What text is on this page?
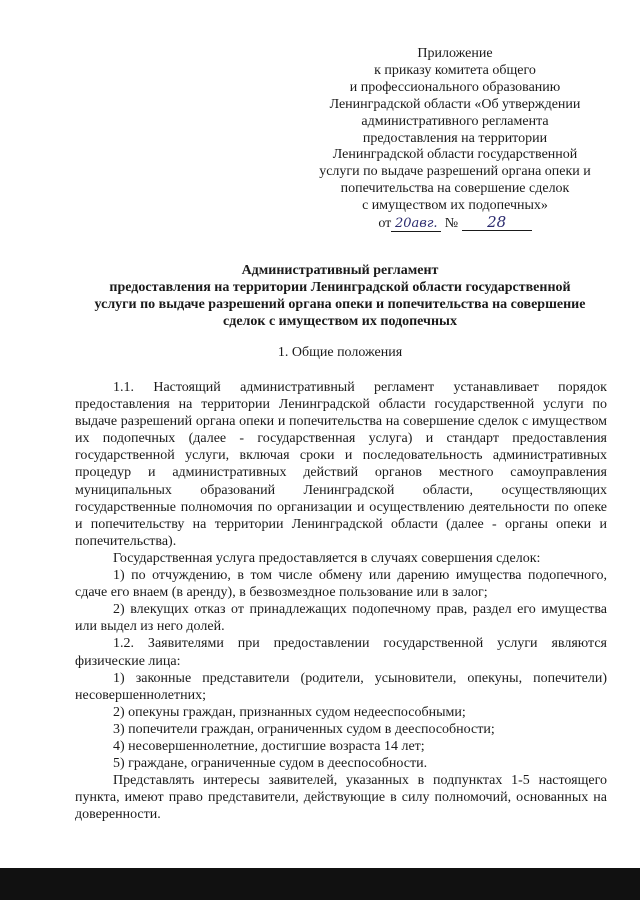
Приложение
к приказу комитета общего
и профессионального образованию
Ленинградской области «Об утверждении
административного регламента
предоставления на территории
Ленинградской области государственной
услуги по выдаче разрешений органа опеки и
попечительства на совершение сделок
с имуществом их подопечных»
от 20авг. № 28
Административный регламент
предоставления на территории Ленинградской области государственной
услуги по выдаче разрешений органа опеки и попечительства на совершение
сделок с имуществом их подопечных
1. Общие положения

1.1. Настоящий административный регламент устанавливает порядок предоставления на территории Ленинградской области государственной услуги по выдаче разрешений органа опеки и попечительства на совершение сделок с имуществом их подопечных (далее - государственная услуга) и стандарт предоставления государственной услуги, включая сроки и последовательность административных процедур и административных действий органов местного самоуправления муниципальных образований Ленинградской области, осуществляющих государственные полномочия по организации и осуществлению деятельности по опеке и попечительству на территории Ленинградской области (далее - органы опеки и попечительства).

Государственная услуга предоставляется в случаях совершения сделок:

1) по отчуждению, в том числе обмену или дарению имущества подопечного, сдаче его внаем (в аренду), в безвозмездное пользование или в залог;

2) влекущих отказ от принадлежащих подопечному прав, раздел его имущества или выдел из него долей.

1.2. Заявителями при предоставлении государственной услуги являются физические лица:

1) законные представители (родители, усыновители, опекуны, попечители) несовершеннолетних;

2) опекуны граждан, признанных судом недееспособными;

3) попечители граждан, ограниченных судом в дееспособности;

4) несовершеннолетние, достигшие возраста 14 лет;

5) граждане, ограниченные судом в дееспособности.

Представлять интересы заявителей, указанных в подпунктах 1-5 настоящего пункта, имеют право представители, действующие в силу полномочий, основанных на доверенности.
